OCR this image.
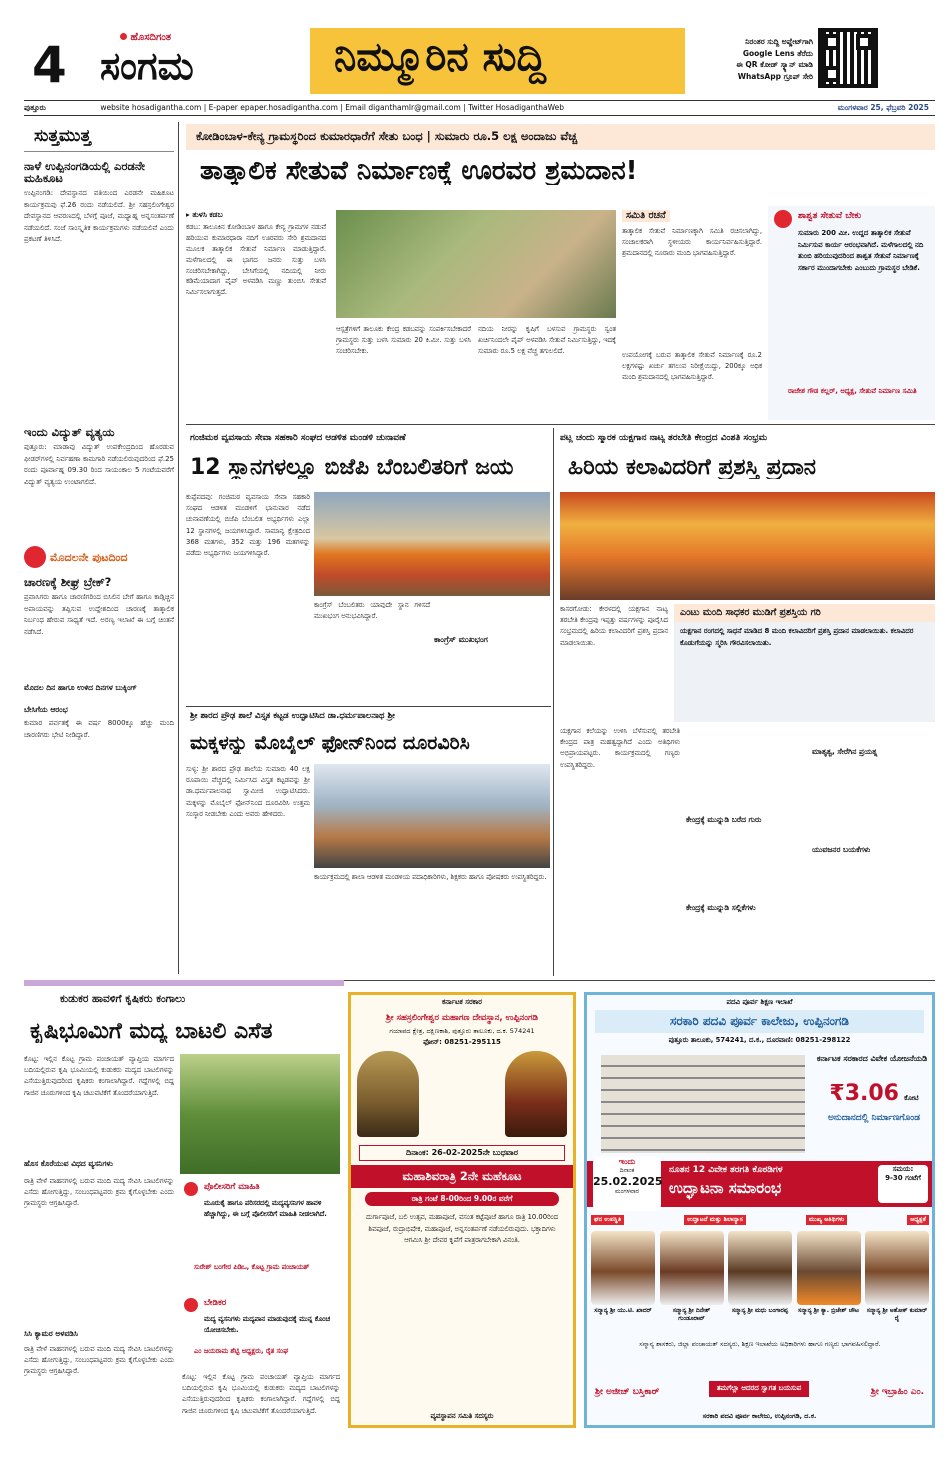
4	ಹೊಸದಿಗಂತ
ಸಂಗಮ	ನಿಮ್ಮೂರಿನ ಸುದ್ದಿ	ನಿರಂತರ ಸುದ್ದಿ ಅಪ್ಡೇಟ್‌ಗಾಗಿ
Google Lens ತೆರೆದು
ಈ QR ಕೋಡ್ ಸ್ಕ್ಯಾನ್ ಮಾಡಿ
WhatsApp ಗ್ರೂಪ್ ಸೇರಿ
ಪುತ್ತೂರು	website hosadigantha.com | E-paper epaper.hosadigantha.com | Email diganthamlr@gmail.com | Twitter HosadiganthaWeb	ಮಂಗಳವಾರ 25, ಫೆಬ್ರವರಿ 2025
ಸುತ್ತಮುತ್ತ
ನಾಳೆ ಉಪ್ಪಿನಂಗಡಿಯಲ್ಲಿ ಎರಡನೇ ಮಹಿಕೂಟ
ಉಪ್ಪಿನಂಗಡಿ: ದೇವಸ್ಥಾನದ ವತಿಯಿಂದ ಎರಡನೇ ಮಹಿಕೂಟ ಕಾರ್ಯಕ್ರಮವು ಫೆ.26 ರಂದು ನಡೆಯಲಿದೆ. ಶ್ರೀ ಸಹಸ್ರಲಿಂಗೇಶ್ವರ ದೇವಸ್ಥಾನದ ಆವರಣದಲ್ಲಿ ಬೆಳಗ್ಗೆ ಪೂಜೆ, ಮಧ್ಯಾಹ್ನ ಅನ್ನಸಂತರ್ಪಣೆ ನಡೆಯಲಿದೆ. ಸಂಜೆ ಸಾಂಸ್ಕೃತಿಕ ಕಾರ್ಯಕ್ರಮಗಳು ನಡೆಯಲಿವೆ ಎಂದು ಪ್ರಕಟಣೆ ತಿಳಿಸಿದೆ.
ಇಂದು ವಿದ್ಯುತ್ ವ್ಯತ್ಯಯ
ಪುತ್ತೂರು: ಮಾಡಾವು ವಿದ್ಯುತ್ ಉಪಕೇಂದ್ರದಿಂದ ಹೊರಡುವ ಫೀಡರ್‌ಗಳಲ್ಲಿ ನಿರ್ವಹಣಾ ಕಾಮಗಾರಿ ನಡೆಯಲಿರುವುದರಿಂದ ಫೆ.25 ರಂದು ಪೂರ್ವಾಹ್ನ 09.30 ರಿಂದ ಸಾಯಂಕಾಲ 5 ಗಂಟೆಯವರೆಗೆ ವಿದ್ಯುತ್ ವ್ಯತ್ಯಯ ಉಂಟಾಗಲಿದೆ.
ಮೊದಲನೇ ಪುಟದಿಂದ
ಚಾರಣಕ್ಕೆ ಶೀಘ್ರ ಬ್ರೇಕ್?
ಪ್ರವಾಸಿಗರು ಹಾಗೂ ಚಾರಣಿಗರಿಂದ ಬಿಸಿಲಿನ ಬೇಗೆ ಹಾಗೂ ಕಾಡ್ಗಿಚ್ಚಿನ ಅಪಾಯವನ್ನು ತಪ್ಪಿಸುವ ಉದ್ದೇಶದಿಂದ ಚಾರಣಕ್ಕೆ ತಾತ್ಕಾಲಿಕ ನಿರ್ಬಂಧ ಹೇರುವ ಸಾಧ್ಯತೆ ಇದೆ. ಅರಣ್ಯ ಇಲಾಖೆ ಈ ಬಗ್ಗೆ ಚಿಂತನೆ ನಡೆಸಿದೆ.
ಮೊದಲ ದಿನ ಹಾಗೂ ಉಳಿದ ದಿನಗಳ ಬುಕ್ಕಿಂಗ್
ಬೇಸಿಗೆಯ ಆರಂಭ
ಕುಮಾರ ಪರ್ವತಕ್ಕೆ ಈ ವರ್ಷ 8000ಕ್ಕೂ ಹೆಚ್ಚು ಮಂದಿ ಚಾರಣಿಗರು ಭೇಟಿ ನೀಡಿದ್ದಾರೆ.
ಕೋಡಿಂಬಾಳ-ಕೇನ್ಯ ಗ್ರಾಮಸ್ಥರಿಂದ ಕುಮಾರಧಾರೆಗೆ ಸೇತು ಬಂಧ | ಸುಮಾರು ರೂ.5 ಲಕ್ಷ ಅಂದಾಜು ವೆಚ್ಚ
ತಾತ್ಕಾಲಿಕ ಸೇತುವೆ ನಿರ್ಮಾಣಕ್ಕೆ ಊರವರ ಶ್ರಮದಾನ!
▸ ತುಳಸಿ ಕಡಬ
ಕಡಬ: ತಾಲೂಕಿನ ಕೋಡಿಂಬಾಳ ಹಾಗೂ ಕೇನ್ಯ ಗ್ರಾಮಗಳ ನಡುವೆ ಹರಿಯುವ ಕುಮಾರಧಾರಾ ನದಿಗೆ ಊರವರು ಸೇರಿ ಶ್ರಮದಾನದ ಮೂಲಕ ತಾತ್ಕಾಲಿಕ ಸೇತುವೆ ನಿರ್ಮಾಣ ಮಾಡುತ್ತಿದ್ದಾರೆ. ಮಳೆಗಾಲದಲ್ಲಿ ಈ ಭಾಗದ ಜನರು ಸುತ್ತು ಬಳಸಿ ಸಂಚರಿಸಬೇಕಾಗಿದ್ದು, ಬೇಸಿಗೆಯಲ್ಲಿ ನದಿಯಲ್ಲಿ ನೀರು ಕಡಿಮೆಯಾದಾಗ ಪೈಪ್ ಅಳವಡಿಸಿ ಮಣ್ಣು ತುಂಬಿಸಿ ಸೇತುವೆ ನಿರ್ಮಿಸಲಾಗುತ್ತದೆ.
ಆಸ್ಪತ್ರೆಗಳಿಗೆ ತಾಲೂಕು ಕೇಂದ್ರ ಕಡಬವನ್ನು ಸಂಪರ್ಕಿಸಬೇಕಾದರೆ ಗ್ರಾಮಸ್ಥರು ಸುತ್ತು ಬಳಸಿ ಸುಮಾರು 20 ಕಿ.ಮೀ. ಸುತ್ತು ಬಳಸಿ ಸಂಚರಿಸಬೇಕು.
ನದಿಯ ನೀರನ್ನು ಕೃಷಿಗೆ ಬಳಸುವ ಗ್ರಾಮಸ್ಥರು ಸ್ವಂತ ಖರ್ಚಿನಿಂದಲೇ ಪೈಪ್ ಅಳವಡಿಸಿ ಸೇತುವೆ ನಿರ್ಮಿಸುತ್ತಿದ್ದು, ಇದಕ್ಕೆ ಸುಮಾರು ರೂ.5 ಲಕ್ಷ ವೆಚ್ಚ ತಗುಲಲಿದೆ.
ಸಮಿತಿ ರಚನೆ
ತಾತ್ಕಾಲಿಕ ಸೇತುವೆ ನಿರ್ಮಾಣಕ್ಕಾಗಿ ಸಮಿತಿ ರಚಿಸಲಾಗಿದ್ದು, ಸಂಚಾಲಕರಾಗಿ ಸ್ಥಳೀಯರು ಕಾರ್ಯನಿರ್ವಹಿಸುತ್ತಿದ್ದಾರೆ. ಶ್ರಮದಾನದಲ್ಲಿ ನೂರಾರು ಮಂದಿ ಭಾಗವಹಿಸುತ್ತಿದ್ದಾರೆ.
ಉಪಯೋಗಕ್ಕೆ ಬರುವ ತಾತ್ಕಾಲಿಕ ಸೇತುವೆ ನಿರ್ಮಾಣಕ್ಕೆ ರೂ.2 ಲಕ್ಷಗಳಷ್ಟು ಖರ್ಚು ತಗಲುವ ನಿರೀಕ್ಷೆಯಿದ್ದು, 200ಕ್ಕೂ ಅಧಿಕ ಮಂದಿ ಶ್ರಮದಾನದಲ್ಲಿ ಭಾಗವಹಿಸುತ್ತಿದ್ದಾರೆ.
ಶಾಶ್ವತ ಸೇತುವೆ ಬೇಕು
ಸುಮಾರು 200 ಮೀ. ಉದ್ದದ ತಾತ್ಕಾಲಿಕ ಸೇತುವೆ ನಿರ್ಮಿಸುವ ಕಾರ್ಯ ಆರಂಭವಾಗಿದೆ. ಮಳೆಗಾಲದಲ್ಲಿ ನದಿ ತುಂಬಿ ಹರಿಯುವುದರಿಂದ ಶಾಶ್ವತ ಸೇತುವೆ ನಿರ್ಮಾಣಕ್ಕೆ ಸರ್ಕಾರ ಮುಂದಾಗಬೇಕು ಎಂಬುದು ಗ್ರಾಮಸ್ಥರ ಬೇಡಿಕೆ.
ರಾಜೇಶ ಗೌಡ ಕಲ್ಲರ್, ಅಧ್ಯಕ್ಷ, ಸೇತುವೆ ನಿರ್ಮಾಣ ಸಮಿತಿ
ಗಂಜಿಮಠ ವ್ಯವಸಾಯ ಸೇವಾ ಸಹಕಾರಿ ಸಂಘದ ಆಡಳಿತ ಮಂಡಳಿ ಚುನಾವಣೆ
12 ಸ್ಥಾನಗಳಲ್ಲೂ ಬಿಜೆಪಿ ಬೆಂಬಲಿತರಿಗೆ ಜಯ
ಕುಪ್ಪೆಪದವು: ಗಂಜಿಮಠ ವ್ಯವಸಾಯ ಸೇವಾ ಸಹಕಾರಿ ಸಂಘದ ಆಡಳಿತ ಮಂಡಳಿಗೆ ಭಾನುವಾರ ನಡೆದ ಚುನಾವಣೆಯಲ್ಲಿ ಬಿಜೆಪಿ ಬೆಂಬಲಿತ ಅಭ್ಯರ್ಥಿಗಳು ಎಲ್ಲಾ 12 ಸ್ಥಾನಗಳಲ್ಲಿ ಜಯಗಳಿಸಿದ್ದಾರೆ. ಸಾಮಾನ್ಯ ಕ್ಷೇತ್ರದಿಂದ 368 ಮತಗಳು, 352 ಮತ್ತು 196 ಮತಗಳನ್ನು ಪಡೆದು ಅಭ್ಯರ್ಥಿಗಳು ಜಯಗಳಿಸಿದ್ದಾರೆ.
ಕಾಂಗ್ರೆಸ್ ಬೆಂಬಲಿತರು ಯಾವುದೇ ಸ್ಥಾನ ಗಳಿಸದೆ ಮುಖಭಂಗ ಅನುಭವಿಸಿದ್ದಾರೆ.
ಕಾಂಗ್ರೆಸ್ ಮುಖಭಂಗ
ಪಟ್ಲ ಚಂದು ಸ್ಮಾರಕ ಯಕ್ಷಗಾನ ನಾಟ್ಯ ತರಬೇತಿ ಕೇಂದ್ರದ ವಿಂಶತಿ ಸಂಭ್ರಮ
ಹಿರಿಯ ಕಲಾವಿದರಿಗೆ ಪ್ರಶಸ್ತಿ ಪ್ರದಾನ
ಕಾಸರಗೋಡು: ಕೇರಳದಲ್ಲಿ ಯಕ್ಷಗಾನ ನಾಟ್ಯ ತರಬೇತಿ ಕೇಂದ್ರವು ಇಪ್ಪತ್ತು ವರ್ಷಗಳನ್ನು ಪೂರೈಸಿದ ಸಂಭ್ರಮದಲ್ಲಿ ಹಿರಿಯ ಕಲಾವಿದರಿಗೆ ಪ್ರಶಸ್ತಿ ಪ್ರದಾನ ಮಾಡಲಾಯಿತು.
ಎಂಟು ಮಂದಿ ಸಾಧಕರ ಮುಡಿಗೆ ಪ್ರಶಸ್ತಿಯ ಗರಿ
ಯಕ್ಷಗಾನ ರಂಗದಲ್ಲಿ ಸಾಧನೆ ಮಾಡಿದ 8 ಮಂದಿ ಕಲಾವಿದರಿಗೆ ಪ್ರಶಸ್ತಿ ಪ್ರದಾನ ಮಾಡಲಾಯಿತು. ಕಲಾವಿದರ ಕೊಡುಗೆಯನ್ನು ಸ್ಮರಿಸಿ ಗೌರವಿಸಲಾಯಿತು.
ಯಕ್ಷಗಾನ ಕಲೆಯನ್ನು ಉಳಿಸಿ ಬೆಳೆಸುವಲ್ಲಿ ತರಬೇತಿ ಕೇಂದ್ರದ ಪಾತ್ರ ಮಹತ್ವದ್ದಾಗಿದೆ ಎಂದು ಅತಿಥಿಗಳು ಅಭಿಪ್ರಾಯಪಟ್ಟರು. ಕಾರ್ಯಕ್ರಮದಲ್ಲಿ ಗಣ್ಯರು ಉಪಸ್ಥಿತರಿದ್ದರು.
ಕೇಂದ್ರಕ್ಕೆ ಮುನ್ನುಡಿ ಬರೆದ ಗುರು
ಕೇಂದ್ರಕ್ಕೆ ಮುನ್ನುಡಿ ಸಲ್ಲಿಕೆಗಳು
ಮಾತೃತ್ವ, ಸೇರೆಗಿನ ಪ್ರಯತ್ನ
ಯುವಜನರ ಬಯಕೆಗಳು
ಶ್ರೀ ಶಾರದ ಪ್ರೌಢ ಶಾಲೆ ವಿಸ್ತೃತ ಕಟ್ಟಡ ಉದ್ಘಾಟಿಸಿದ ಡಾ.ಧರ್ಮಪಾಲನಾಥ ಶ್ರೀ
ಮಕ್ಕಳನ್ನು ಮೊಬೈಲ್ ಫೋನ್‌ನಿಂದ ದೂರವಿರಿಸಿ
ಸುಳ್ಯ: ಶ್ರೀ ಶಾರದ ಪ್ರೌಢ ಶಾಲೆಯ ಸುಮಾರು 40 ಲಕ್ಷ ರೂಪಾಯಿ ವೆಚ್ಚದಲ್ಲಿ ನಿರ್ಮಿಸಿದ ವಿಸ್ತೃತ ಕಟ್ಟಡವನ್ನು ಶ್ರೀ ಡಾ.ಧರ್ಮಪಾಲನಾಥ ಸ್ವಾಮೀಜಿ ಉದ್ಘಾಟಿಸಿದರು. ಮಕ್ಕಳನ್ನು ಮೊಬೈಲ್ ಫೋನ್‌ನಿಂದ ದೂರವಿರಿಸಿ ಉತ್ತಮ ಸಂಸ್ಕಾರ ನೀಡಬೇಕು ಎಂದು ಅವರು ಹೇಳಿದರು.
ಕಾರ್ಯಕ್ರಮದಲ್ಲಿ ಶಾಲಾ ಆಡಳಿತ ಮಂಡಳಿಯ ಪದಾಧಿಕಾರಿಗಳು, ಶಿಕ್ಷಕರು ಹಾಗೂ ಪೋಷಕರು ಉಪಸ್ಥಿತರಿದ್ದರು.
ಕುಡುಕರ ಹಾವಳಿಗೆ ಕೃಷಿಕರು ಕಂಗಾಲು
ಕೃಷಿಭೂಮಿಗೆ ಮದ್ಯ ಬಾಟಲಿ ಎಸೆತ
ಕೊಟ್ಟ: ಇಲ್ಲಿನ ಕೊಟ್ಟ ಗ್ರಾಮ ಪಂಚಾಯತ್ ವ್ಯಾಪ್ತಿಯ ಮಾರ್ಗದ ಬದಿಯಲ್ಲಿರುವ ಕೃಷಿ ಭೂಮಿಯಲ್ಲಿ ಕುಡುಕರು ಮದ್ಯದ ಬಾಟಲಿಗಳನ್ನು ಎಸೆಯುತ್ತಿರುವುದರಿಂದ ಕೃಷಿಕರು ಕಂಗಾಲಾಗಿದ್ದಾರೆ. ಗದ್ದೆಗಳಲ್ಲಿ ಬಿದ್ದ ಗಾಜಿನ ಚೂರುಗಳಿಂದ ಕೃಷಿ ಚಟುವಟಿಕೆಗೆ ತೊಂದರೆಯಾಗುತ್ತಿದೆ.
ಹೊಸ ಕೊರೆಯುವ ವಿಧದ ವ್ಯಸನಿಗಳು
ರಾತ್ರಿ ವೇಳೆ ವಾಹನಗಳಲ್ಲಿ ಬರುವ ಮಂದಿ ಮದ್ಯ ಸೇವಿಸಿ ಬಾಟಲಿಗಳನ್ನು ಎಸೆದು ಹೋಗುತ್ತಿದ್ದು, ಸಂಬಂಧಪಟ್ಟವರು ಕ್ರಮ ಕೈಗೊಳ್ಳಬೇಕು ಎಂದು ಗ್ರಾಮಸ್ಥರು ಆಗ್ರಹಿಸಿದ್ದಾರೆ.
ಸಿಸಿ ಕ್ಯಾಮರ ಅಳವಡಿಸಿ
ರಾತ್ರಿ ವೇಳೆ ವಾಹನಗಳಲ್ಲಿ ಬರುವ ಮಂದಿ ಮದ್ಯ ಸೇವಿಸಿ ಬಾಟಲಿಗಳನ್ನು ಎಸೆದು ಹೋಗುತ್ತಿದ್ದು, ಸಂಬಂಧಪಟ್ಟವರು ಕ್ರಮ ಕೈಗೊಳ್ಳಬೇಕು ಎಂದು ಗ್ರಾಮಸ್ಥರು ಆಗ್ರಹಿಸಿದ್ದಾರೆ.
ಪೊಲೀಸರಿಗೆ ಮಾಹಿತಿ
ಮೂರುಕೈ ಹಾಗೂ ಪರಿಸರದಲ್ಲಿ ಮದ್ಯವ್ಯಸನಿಗಳ ಹಾವಳಿ ಹೆಚ್ಚಾಗಿದ್ದು, ಈ ಬಗ್ಗೆ ಪೊಲೀಸರಿಗೆ ಮಾಹಿತಿ ನೀಡಲಾಗಿದೆ.
ಸುರೇಶ್ ಬಂಗೇರ ಪಿಡಿಒ, ಕೊಟ್ಟ ಗ್ರಾಮ ಪಂಚಾಯತ್
ಬೇಡಿಕರ
ಮದ್ಯ ವ್ಯಸನಿಗಳು ಮದ್ಯಪಾನ ಮಾಡುವುದಕ್ಕೆ ಮುನ್ನ ಕೊಂಚ ಯೋಚಿಸಬೇಕು.
ಎಂ ಜಯರಾಮ ಶೆಟ್ಟಿ ಅಧ್ಯಕ್ಷರು, ರೈತ ಸಂಘ
ಕೊಟ್ಟ: ಇಲ್ಲಿನ ಕೊಟ್ಟ ಗ್ರಾಮ ಪಂಚಾಯತ್ ವ್ಯಾಪ್ತಿಯ ಮಾರ್ಗದ ಬದಿಯಲ್ಲಿರುವ ಕೃಷಿ ಭೂಮಿಯಲ್ಲಿ ಕುಡುಕರು ಮದ್ಯದ ಬಾಟಲಿಗಳನ್ನು ಎಸೆಯುತ್ತಿರುವುದರಿಂದ ಕೃಷಿಕರು ಕಂಗಾಲಾಗಿದ್ದಾರೆ. ಗದ್ದೆಗಳಲ್ಲಿ ಬಿದ್ದ ಗಾಜಿನ ಚೂರುಗಳಿಂದ ಕೃಷಿ ಚಟುವಟಿಕೆಗೆ ತೊಂದರೆಯಾಗುತ್ತಿದೆ.
ಕರ್ನಾಟಕ ಸರಕಾರ
ಶ್ರೀ ಸಹಸ್ರಲಿಂಗೇಶ್ವರ ಮಹಾಗಣ ದೇವಸ್ಥಾನ, ಉಪ್ಪಿನಂಗಡಿ
ಗಯಾಪದ ಕ್ಷೇತ್ರ, ದಕ್ಷಿಣಕಾಶಿ, ಪುತ್ತೂರು ತಾಲೂಕು, ದ.ಕ. 574241
ಫೋನ್: 08251-295115
ದಿನಾಂಕ: 26-02-2025ನೇ ಬುಧವಾರ
ಮಹಾಶಿವರಾತ್ರಿ 2ನೇ ಮಹೆಕೂಟ
ರಾತ್ರಿ ಗಂಟೆ 8-00ರಿಂದ 9.00ರ ವರೆಗೆ
ದುರ್ಗಾಪೂಜೆ, ಬಲಿ ಉತ್ಸವ, ಮಹಾಪೂಜೆ, ವಸಂತ ಕಟ್ಟೆಪೂಜೆ ಹಾಗೂ ರಾತ್ರಿ 10.00ರಿಂದ ಶಿವಪೂಜೆ, ರುದ್ರಾಭಿಷೇಕ, ಮಹಾಪೂಜೆ, ಅನ್ನಸಂತರ್ಪಣೆ ನಡೆಯಲಿರುವುದು. ಭಕ್ತಾದಿಗಳು ಆಗಮಿಸಿ ಶ್ರೀ ದೇವರ ಕೃಪೆಗೆ ಪಾತ್ರರಾಗಬೇಕಾಗಿ ವಿನಂತಿ.
ವ್ಯವಸ್ಥಾಪನ ಸಮಿತಿ ಸದಸ್ಯರು
ಪದವಿ ಪೂರ್ವ ಶಿಕ್ಷಣ ಇಲಾಖೆ
ಸರಕಾರಿ ಪದವಿ ಪೂರ್ವ ಕಾಲೇಜು, ಉಪ್ಪಿನಂಗಡಿ
ಪುತ್ತೂರು ತಾಲೂಕು, 574241, ದ.ಕ., ದೂರವಾಣಿ: 08251-298122
ಕರ್ನಾಟಕ ಸರಕಾರದ ವಿವೇಕ ಯೋಜನೆಯಡಿ
₹3.06 ಕೋಟಿ
ಅನುದಾನದಲ್ಲಿ ನಿರ್ಮಾಣಗೊಂಡ
ಇಂದು
ದಿನಾಂಕ
25.02.2025
ಮಂಗಳವಾರ
ನೂತನ 12 ವಿವೇಕ ತರಗತಿ ಕೊಠಡಿಗಳ
ಉದ್ಘಾಟನಾ ಸಮಾರಂಭ
ಸಮಯ:
9-30 ಗಂಟೆಗೆ
ಘನ ಉಪಸ್ಥಿತಿ	ಉದ್ಘಾಟನೆ ಮತ್ತು ಶಿಲಾನ್ಯಾಸ	ಮುಖ್ಯ ಅತಿಥಿಗಳು	ಅಧ್ಯಕ್ಷತೆ
ಸನ್ಮಾನ್ಯ ಶ್ರೀ ಯು.ಟಿ. ಖಾದರ್	ಸನ್ಮಾನ್ಯ ಶ್ರೀ ದಿನೇಶ್ ಗುಂಡೂರಾವ್
ಸನ್ಮಾನ್ಯ ಶ್ರೀ ಮಧು ಬಂಗಾರಪ್ಪ	ಸನ್ಮಾನ್ಯ ಶ್ರೀ ಕ್ಯಾ. ಬ್ರಿಜೇಶ್ ಚೌಟ ಸನ್ಮಾನ್ಯ ಶ್ರೀ ಅಶೋಕ್ ಕುಮಾರ್ ರೈ
ಸನ್ಮಾನ್ಯ ಶಾಸಕರು, ಜಿಲ್ಲಾ ಪಂಚಾಯತ್ ಸದಸ್ಯರು, ಶಿಕ್ಷಣ ಇಲಾಖೆಯ ಅಧಿಕಾರಿಗಳು ಹಾಗೂ ಗಣ್ಯರು ಭಾಗವಹಿಸಲಿದ್ದಾರೆ.
ಶ್ರೀ ಅಜೀಜ್ ಬಸ್ತಿಕಾರ್	ತಮಗೆಲ್ಲಾ ಆದರದ ಸ್ವಾಗತ ಬಯಸುವ	ಶ್ರೀ ಇಬ್ರಾಹಿಂ ಎಂ.
ಸರಕಾರಿ ಪದವಿ ಪೂರ್ವ ಕಾಲೇಜು, ಉಪ್ಪಿನಂಗಡಿ, ದ.ಕ.
